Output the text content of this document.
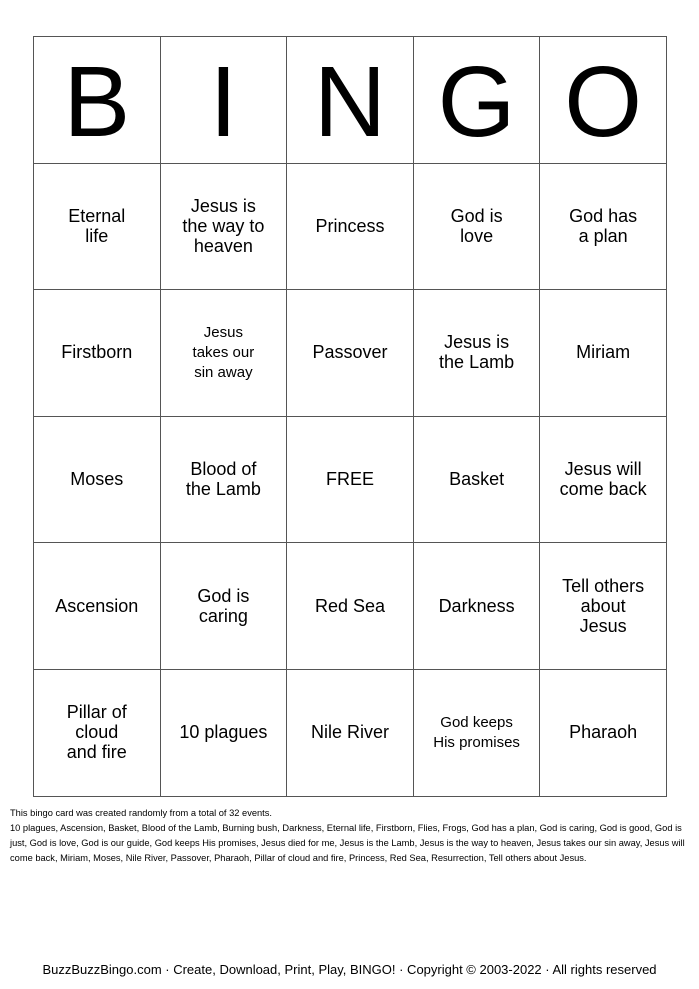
B	I	N	G	O
Eternal life	Jesus is the way to heaven	Princess	God is love	God has a plan
Firstborn	Jesus takes our sin away	Passover	Jesus is the Lamb	Miriam
Moses	Blood of the Lamb	FREE	Basket	Jesus will come back
Ascension	God is caring	Red Sea	Darkness	Tell others about Jesus
Pillar of cloud and fire	10 plagues	Nile River	God keeps His promises	Pharaoh

This bingo card was created randomly from a total of 32 events.

10 plagues, Ascension, Basket, Blood of the Lamb, Burning bush, Darkness, Eternal life, Firstborn, Flies, Frogs, God has a plan, God is caring, God is good, God is just, God is love, God is our guide, God keeps His promises, Jesus died for me, Jesus is the Lamb, Jesus is the way to heaven, Jesus takes our sin away, Jesus will come back, Miriam, Moses, Nile River, Passover, Pharaoh, Pillar of cloud and fire, Princess, Red Sea, Resurrection, Tell others about Jesus.

BuzzBuzzBingo.com · Create, Download, Print, Play, BINGO! · Copyright © 2003-2022 · All rights reserved
